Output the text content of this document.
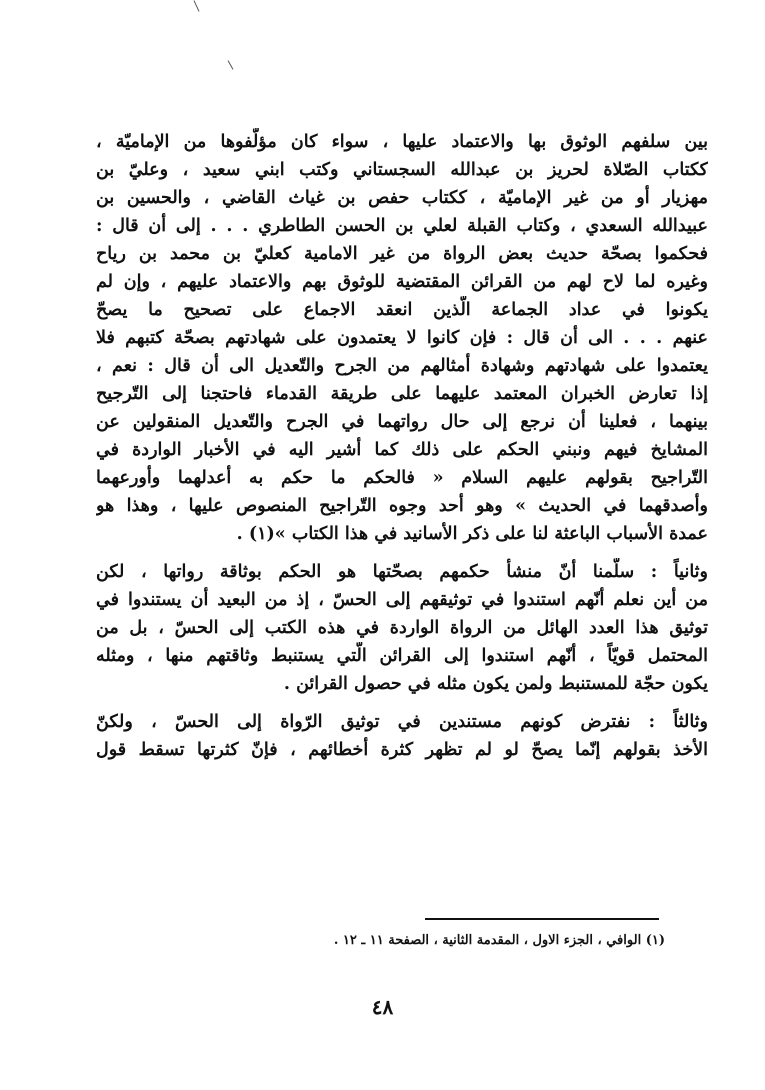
بين سلفهم الوثوق بها والاعتماد عليها ، سواء كان مؤلّفوها من الإماميّة ،
ككتاب الصّلاة لحريز بن عبدالله السجستاني وكتب ابني سعيد ، وعليّ بن
مهزيار أو من غير الإماميّة ، ككتاب حفص بن غياث القاضي ، والحسين بن
عبيدالله السعدي ، وكتاب القبلة لعلي بن الحسن الطاطري . . . إلى أن قال :
فحكموا بصحّة حديث بعض الرواة من غير الامامية كعليّ بن محمد بن رياح
وغيره لما لاح لهم من القرائن المقتضية للوثوق بهم والاعتماد عليهم ، وإن لم
يكونوا في عداد الجماعة الّذين انعقد الاجماع على تصحيح ما يصحّ
عنهم . . . الى أن قال : فإن كانوا لا يعتمدون على شهادتهم بصحّة كتبهم فلا
يعتمدوا على شهادتهم وشهادة أمثالهم من الجرح والتّعديل الى أن قال : نعم ،
إذا تعارض الخبران المعتمد عليهما على طريقة القدماء فاحتجنا إلى التّرجيح
بينهما ، فعلينا أن نرجع إلى حال رواتهما في الجرح والتّعديل المنقولين عن
المشايخ فيهم ونبني الحكم على ذلك كما أشير اليه في الأخبار الواردة في
التّراجيح بقولهم عليهم السلام « فالحكم ما حكم به أعدلهما وأورعهما
وأصدقهما في الحديث » وهو أحد وجوه التّراجيح المنصوص عليها ، وهذا هو
عمدة الأسباب الباعثة لنا على ذكر الأسانيد في هذا الكتاب »(١) .
وثانياً : سلّمنا أنّ منشأ حكمهم بصحّتها هو الحكم بوثاقة رواتها ، لكن
من أين نعلم أنّهم استندوا في توثيقهم إلى الحسّ ، إذ من البعيد أن يستندوا في
توثيق هذا العدد الهائل من الرواة الواردة في هذه الكتب إلى الحسّ ، بل من
المحتمل قويّاً ، أنّهم استندوا إلى القرائن الّتي يستنبط وثاقتهم منها ، ومثله
يكون حجّة للمستنبط ولمن يكون مثله في حصول القرائن .
وثالثاً : نفترض كونهم مستندين في توثيق الرّواة إلى الحسّ ، ولكنّ
الأخذ بقولهم إنّما يصحّ لو لم تظهر كثرة أخطائهم ، فإنّ كثرتها تسقط قول
(١) الوافي ، الجزء الاول ، المقدمة الثانية ، الصفحة ١١ ـ ١٢ .
٤٨
